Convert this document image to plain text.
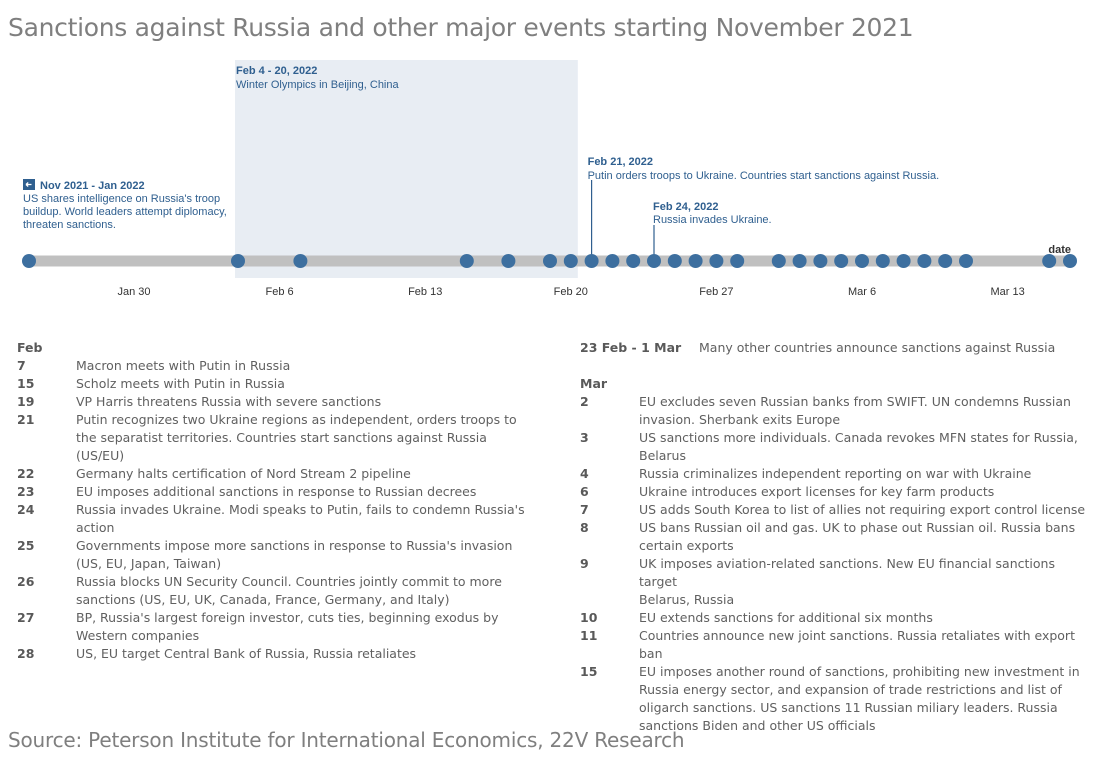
Sanctions against Russia and other major events starting November 2021
Feb 4 - 20, 2022
Winter Olympics in Beijing, China
Nov 2021 - Jan 2022
US shares intelligence on Russia's troop
buildup. World leaders attempt diplomacy,
threaten sanctions.
Feb 21, 2022
Putin orders troops to Ukraine. Countries start sanctions against Russia.
Feb 24, 2022
Russia invades Ukraine.
Jan 30	Feb 6	Feb 13	Feb 20	Feb 27	Mar 6	Mar 13
date
Feb
7	Macron meets with Putin in Russia
15	Scholz meets with Putin in Russia
19	VP Harris threatens Russia with severe sanctions
21	Putin recognizes two Ukraine regions as independent, orders troops to
the separatist territories. Countries start sanctions against Russia (US/EU)
22	Germany halts certification of Nord Stream 2 pipeline
23	EU imposes additional sanctions in response to Russian decrees
24	Russia invades Ukraine. Modi speaks to Putin, fails to condemn Russia's
action
25	Governments impose more sanctions in response to Russia's invasion
(US, EU, Japan, Taiwan)
26	Russia blocks UN Security Council. Countries jointly commit to more
sanctions (US, EU, UK, Canada, France, Germany, and Italy)
27	BP, Russia's largest foreign investor, cuts ties, beginning exodus by
Western companies
28	US, EU target Central Bank of Russia, Russia retaliates
23 Feb - 1 Mar	Many other countries announce sanctions against Russia
Mar
2	EU excludes seven Russian banks from SWIFT. UN condemns Russian
invasion. Sherbank exits Europe
3	US sanctions more individuals. Canada revokes MFN states for Russia,
Belarus
4	Russia criminalizes independent reporting on war with Ukraine
6	Ukraine introduces export licenses for key farm products
7	US adds South Korea to list of allies not requiring export control license
8	US bans Russian oil and gas. UK to phase out Russian oil. Russia bans
certain exports
9	UK imposes aviation-related sanctions. New EU financial sanctions target
Belarus, Russia
10	EU extends sanctions for additional six months
11	Countries announce new joint sanctions. Russia retaliates with export
ban
15	EU imposes another round of sanctions, prohibiting new investment in
Russia energy sector, and expansion of trade restrictions and list of
oligarch sanctions. US sanctions 11 Russian miliary leaders. Russia
sanctions Biden and other US officials
Source: Peterson Institute for International Economics, 22V Research
